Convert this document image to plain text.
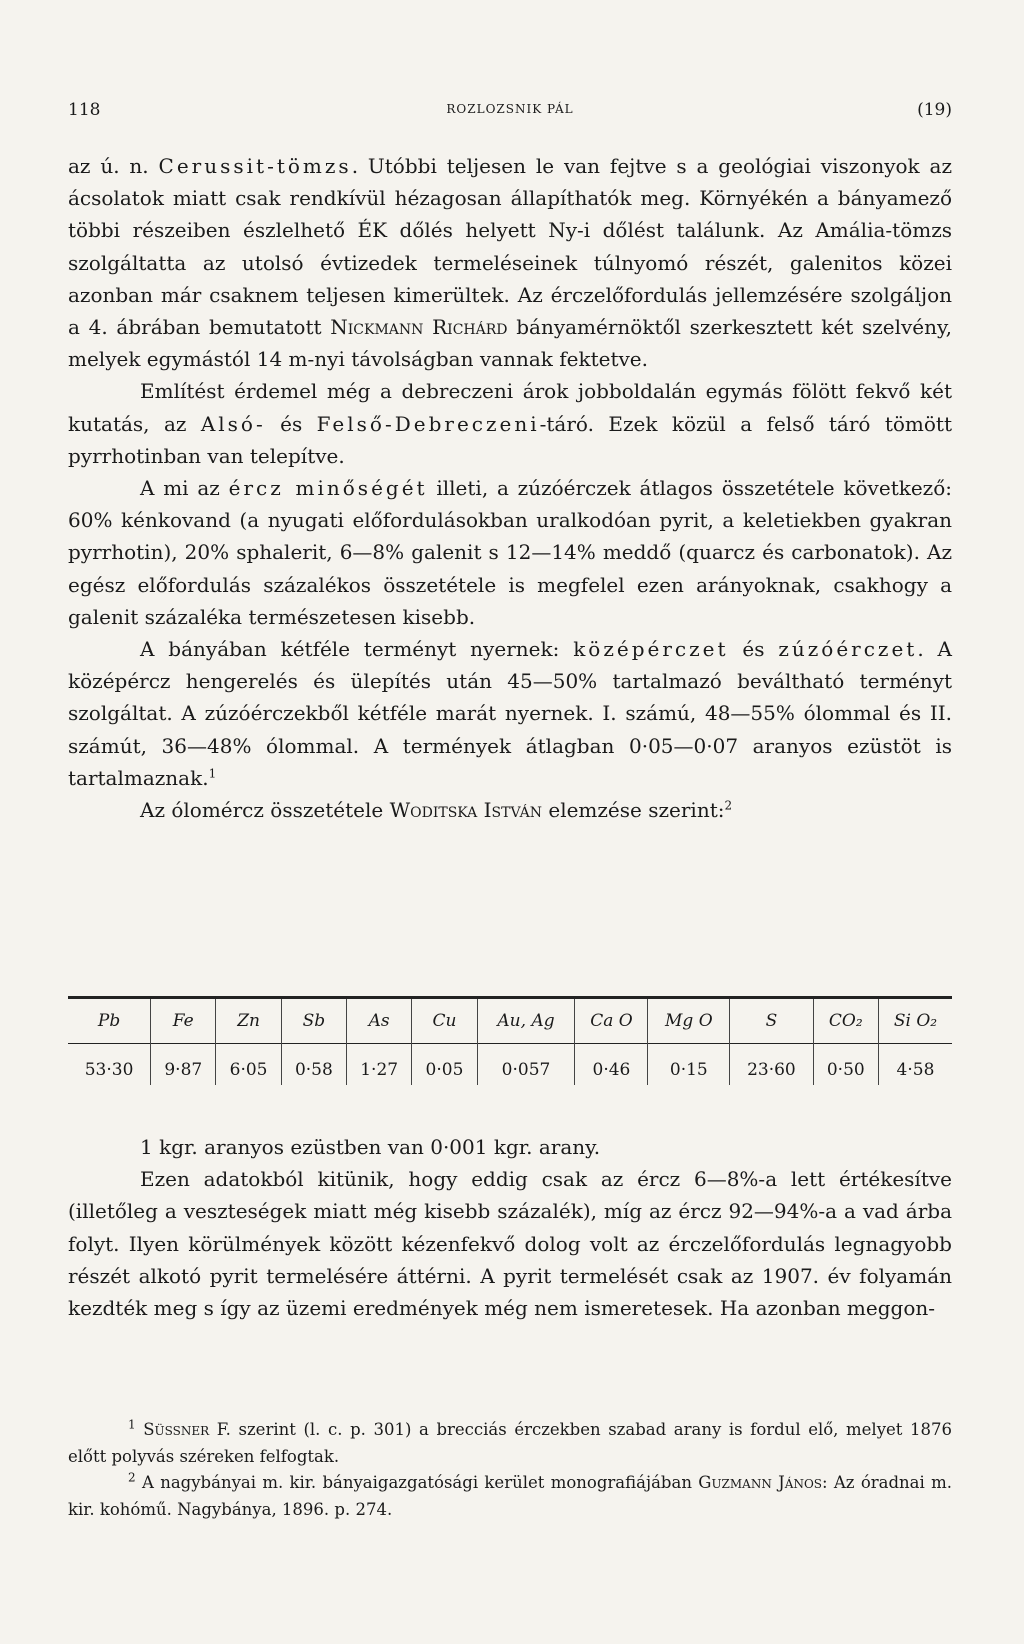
118	ROZLOZSNIK PÁL	(19)

az ú. n. Cerussit-tömzs. Utóbbi teljesen le van fejtve s a geológiai viszonyok az ácsolatok miatt csak rendkívül hézagosan állapíthatók meg. Környékén a bányamező többi részeiben észlelhető ÉK dőlés helyett Ny-i dőlést találunk. Az Amália-tömzs szolgáltatta az utolsó évtizedek termeléseinek túlnyomó részét, galenitos közei azonban már csaknem teljesen kimerültek. Az érczelőfordulás jellemzésére szolgáljon a 4. ábrában bemutatott Nickmann Richárd bányamérnöktől szerkesztett két szelvény, melyek egymástól 14 m-nyi távolságban vannak fektetve.

Említést érdemel még a debreczeni árok jobboldalán egymás fölött fekvő két kutatás, az Alsó- és Felső-Debreczeni-táró. Ezek közül a felső táró tömött pyrrhotinban van telepítve.

A mi az ércz minőségét illeti, a zúzóérczek átlagos összetétele következő: 60% kénkovand (a nyugati előfordulásokban uralkodóan pyrit, a keletiekben gyakran pyrrhotin), 20% sphalerit, 6—8% galenit s 12—14% meddő (quarcz és carbonatok). Az egész előfordulás százalékos összetétele is megfelel ezen arányoknak, csakhogy a galenit százaléka természetesen kisebb.

A bányában kétféle terményt nyernek: középérczet és zúzóérczet. A középércz hengerelés és ülepítés után 45—50% tartalmazó beváltható terményt szolgáltat. A zúzóérczekből kétféle marát nyernek. I. számú, 48—55% ólommal és II. számút, 36—48% ólommal. A termények átlagban 0·05—0·07 aranyos ezüstöt is tartalmaznak.$^1$

Az ólomércz összetétele Woditska István elemzése szerint:$^2$

Pb	Fe	Zn	Sb	As	Cu	Au, Ag	Ca O	Mg O	S	CO₂	Si O₂
53·30	9·87	6·05	0·58	1·27	0·05	0·057	0·46	0·15	23·60	0·50	4·58

1 kgr. aranyos ezüstben van 0·001 kgr. arany.

Ezen adatokból kitünik, hogy eddig csak az ércz 6—8%-a lett értékesítve (illetőleg a veszteségek miatt még kisebb százalék), míg az ércz 92—94%-a a vad árba folyt. Ilyen körülmények között kézenfekvő dolog volt az érczelőfordulás legnagyobb részét alkotó pyrit termelésére áttérni. A pyrit termelését csak az 1907. év folyamán kezdték meg s így az üzemi eredmények még nem ismeretesek. Ha azonban meggon-

$^1$ Süssner F. szerint (l. c. p. 301) a brecciás érczekben szabad arany is fordul elő, melyet 1876 előtt polyvás széreken felfogtak.

$^2$ A nagybányai m. kir. bányaigazgatósági kerület monografiájában Guzmann János: Az óradnai m. kir. kohómű. Nagybánya, 1896. p. 274.
